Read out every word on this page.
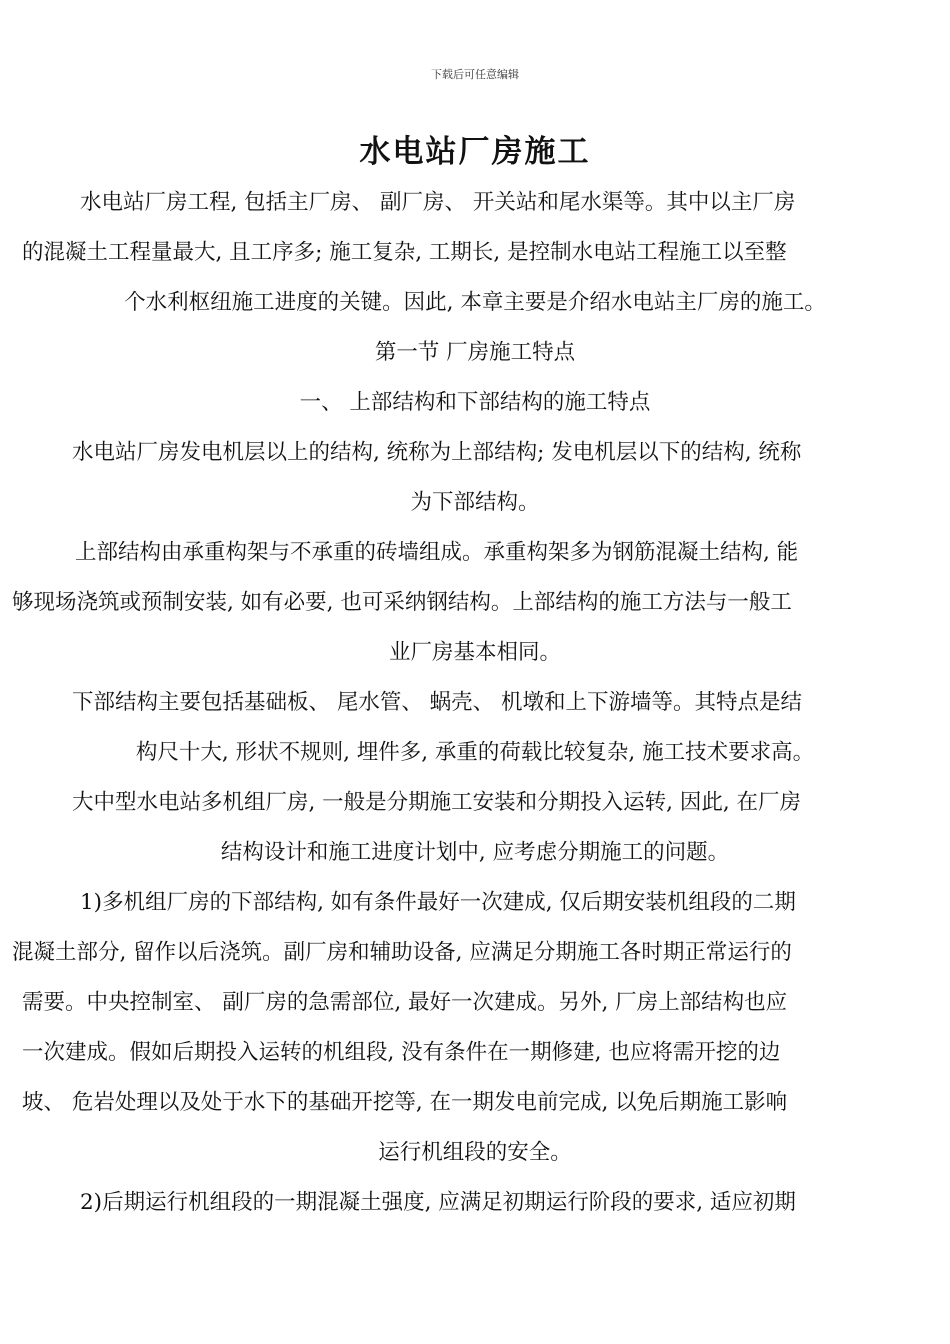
下载后可任意编辑
水电站厂房施工
水电站厂房工程, 包括主厂房、 副厂房、 开关站和尾水渠等。其中以主厂房
的混凝土工程量最大, 且工序多; 施工复杂, 工期长, 是控制水电站工程施工以至整
个水利枢纽施工进度的关键。因此, 本章主要是介绍水电站主厂房的施工。
第一节 厂房施工特点
一、 上部结构和下部结构的施工特点
水电站厂房发电机层以上的结构, 统称为上部结构; 发电机层以下的结构, 统称
为下部结构。
上部结构由承重构架与不承重的砖墙组成。承重构架多为钢筋混凝土结构, 能
够现场浇筑或预制安装, 如有必要, 也可采纳钢结构。上部结构的施工方法与一般工
业厂房基本相同。
下部结构主要包括基础板、 尾水管、 蜗壳、 机墩和上下游墙等。其特点是结
构尺十大, 形状不规则, 埋件多, 承重的荷载比较复杂, 施工技术要求高。
大中型水电站多机组厂房, 一般是分期施工安装和分期投入运转, 因此, 在厂房
结构设计和施工进度计划中, 应考虑分期施工的问题。
1)多机组厂房的下部结构, 如有条件最好一次建成, 仅后期安装机组段的二期
混凝土部分, 留作以后浇筑。副厂房和辅助设备, 应满足分期施工各时期正常运行的
需要。中央控制室、 副厂房的急需部位, 最好一次建成。另外, 厂房上部结构也应
一次建成。假如后期投入运转的机组段, 没有条件在一期修建, 也应将需开挖的边
坡、 危岩处理以及处于水下的基础开挖等, 在一期发电前完成, 以免后期施工影响
运行机组段的安全。
2)后期运行机组段的一期混凝土强度, 应满足初期运行阶段的要求, 适应初期
